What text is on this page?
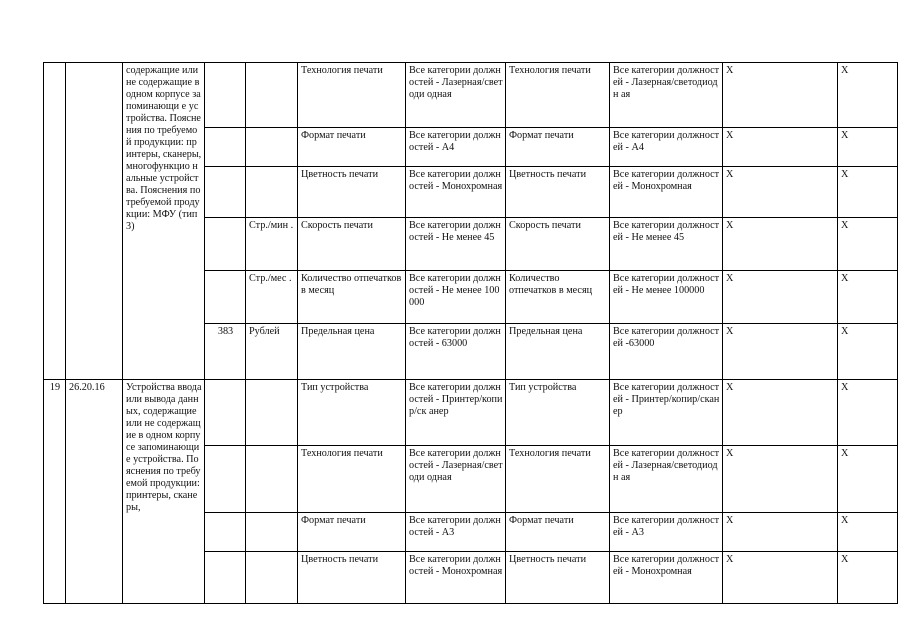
		содержащие или не содержащие в одном корпусе запоминающи е устройства. Пояснения по требуемой продукции: принтеры, сканеры, многофункцио нальные устройства. Пояснения по требуемой продукции: МФУ (тип 3)			Технология печати	Все категории должностей - Лазерная/светоди одная	Технология печати	Все категории должностей - Лазерная/светодиодн ая	X	X
					Формат печати	Все категории должностей - А4	Формат печати	Все категории должностей - А4	X	X
					Цветность печати	Все категории должностей - Монохромная	Цветность печати	Все категории должностей - Монохромная	X	X
				Стр./мин .	Скорость печати	Все категории должностей - Не менее 45	Скорость печати	Все категории должностей - Не менее 45	X	X
				Стр./мес .	Количество отпечатков в месяц	Все категории должностей - Не менее 100000	Количество отпечатков в месяц	Все категории должностей - Не менее 100000	X	X
			383	Рублей	Предельная цена	Все категории должностей - 63000	Предельная цена	Все категории должностей -63000	X	X
19	26.20.16	Устройства ввода или вывода данных, содержащие или не содержащие в одном корпусе запоминающи е устройства. Пояснения по требуемой продукции: принтеры, сканеры,			Тип устройства	Все категории должностей - Принтер/копир/ск анер	Тип устройства	Все категории должностей - Принтер/копир/скан ер	X	X
					Технология печати	Все категории должностей - Лазерная/светоди одная	Технология печати	Все категории должностей - Лазерная/светодиодн ая	X	X
					Формат печати	Все категории должностей - А3	Формат печати	Все категории должностей - А3	X	X
					Цветность печати	Все категории должностей - Монохромная	Цветность печати	Все категории должностей - Монохромная	X	X
